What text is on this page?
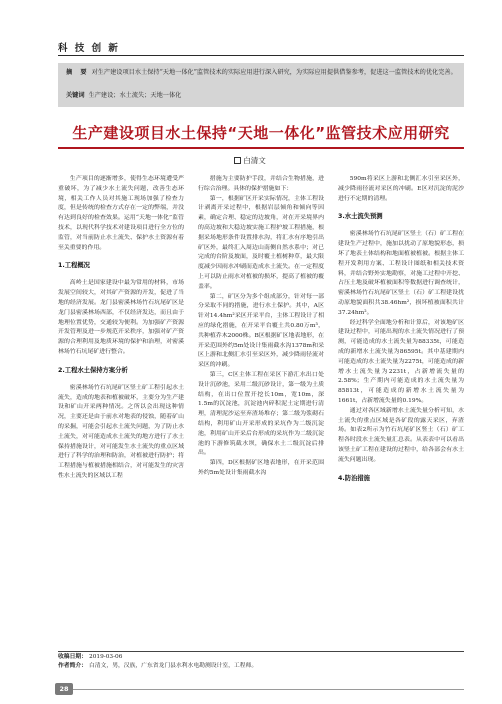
科 技 创 新
摘　要 对生产建设项目水土保持“天地一体化”监管技术的实际应用进行深入研究，为实际应用提供借鉴参考，促进这一监管技术的优化完善。
关键词 生产建设；水土流失；天地一体化
生产建设项目水土保持“天地一体化”监管技术应用研究
白清文

生产项目的逐渐增多，使得生态环境遭受严重破坏，为了减少水土流失问题，改善生态环境，相关工作人员对其施工现场加强了检查力度，但是传统的检查方式存在一定的弊端，并没有达到良好的检查效果。运用“天地一体化”监管技术，以现代科学技术对建设项目进行全方位的监管，对当前防止水土流失、保护水土资源有着至关重要的作用。

1.工程概况

高岭土是国家建设中最为常用的材料，市场发展空间较大，对其矿产资源的开发，促进了当地的经济发展。龙门县密溪林场竹石坑尾矿区是龙门县密溪林场西部，不仅经济发达，而且由于地理位置优势，交通较为便利。为加强矿产资源开发管理及进一步规范开采秩序，加强对矿产资源的合理利用及地质环境的保护和治理，对密溪林场竹石坑尾矿进行整合。

2.工程水土保持方案分析

密溪林场竹石坑尾矿区竖土矿工程引起水土流失，造成的地表和植被破坏，主要分为生产建设和矿山开采两种情况。之所以会出现这种情况，主要还是由于前水对地表的侵蚀，随着矿山的采掘，可能会引起水土流失问题，为了防止水土流失，对可能造成水土流失的地方进行了水土保持措施设计，对可能发生水土流失的重点区域进行了科学的治理和防治，对植被进行防护；将工程措施与植被措施相结合，对可能发生的灾害性水土流失的区域以工程

措施为主要防护手段，并结合生物措施，进行综合治理。具体的保护措施如下：

第一，根据矿区开采实际情况，主体工程设计剥离开采过程中，根据岩层倾角和倾向等因素，确定合理、稳定的边坡角，对在开采境界内的高边坡和大稳边坡实施工程护坡工程措施，根据采场地形条件设置排水沟，将汇水有序地引出矿区外，最终汇入周边山南侧自然水系中；对已完成的台阶及坡面，及时覆土植树种草，最大限度减少因雨水冲刷而造成水土流失。在一定程度上可以防止雨水对植被的损坏，提高了植被的覆盖率。

第二，矿区分为多个组成部分，针对每一部分采取不同的措施，进行水土保护。其中，A区针对14.4hm²采区开采平台，主体工程设计了相应的绿化措施，在开采平台覆土共0.80万m³，共种植乔木2000株。B区根据矿区地表地形，在开采范围外约5m处设计集雨截水沟1378m和采区上游和北侧汇水引至采区外，减少降雨径流对采区的冲刷。

第三，C区主体工程在采区下游汇水出口处设计沉砂池，采用二级沉砂设计，第一级为土质结构，在出口位置开挖长10m，宽10m，深1.5m的沉淀池，沉淀池内碎积泥土定期进行清理，清理泥沙运至弃渣场堆存；第二级为浆砌石结构，利用矿山开采形成的采坑作为二级沉淀池，利用矿山开采后台形成的采坑作为二级沉淀池的下游修筑截水坝，确保水土二级沉淀后排出。

第四，D区根据矿区地表地形，在开采范围外约5m处设计集雨截水沟

590m将采区上游和北侧汇水引至采区外，减少降雨径流对采区的冲刷。E区对沉淀的泥沙进行不定期的清理。

3.水土流失预测

密溪林场竹石坑尾矿区竖土（石）矿工程在建设生产过程中，施加以扰动了原地貌形态，损坏了地表土体结构和地面植被植被。根据主体工程开发利用方案、工程设计图纸和相关技术资料，并结合野外实地勘察，对施工过程中开挖、占压土地及破坏植被面积等数据进行调查统计，密溪林场竹石坑尾矿区竖土（石）矿工程建设扰动原地貌面积共38.46hm²，损坏植被面积共计37.24hm²。

经过科学全面地分析和计算后，对该地矿区建设过程中，可能出现的水土流失情况进行了预测，可能造成的水土流失量为88335t，可能造成的新增水土流失量为86595t。其中基建期内可能造成的水土流失量为2275t，可能造成的新增水土流失量为2231t，占新增流失量的2.58%；生产期内可能造成的水土流失量为85813t，可能造成的新增水土流失量为1661t，占新增流失量的0.19%。

通过对各区域新增水土流失量分析可知，水土流失的重点区域是各矿段的露天采区，弃渣场。如表2所示为竹石坑尾矿区竖土（石）矿工程各时段水土流失量汇总表。从表表中可以看出该竖土矿工程在建设的过程中，给各部会有水土流失问题出现。

4.防治措施
收稿日期： 2019-03-06
作者简介： 白清文，男，汉族，广东省龙门县水利水电勘测设计室，工程师。
28
